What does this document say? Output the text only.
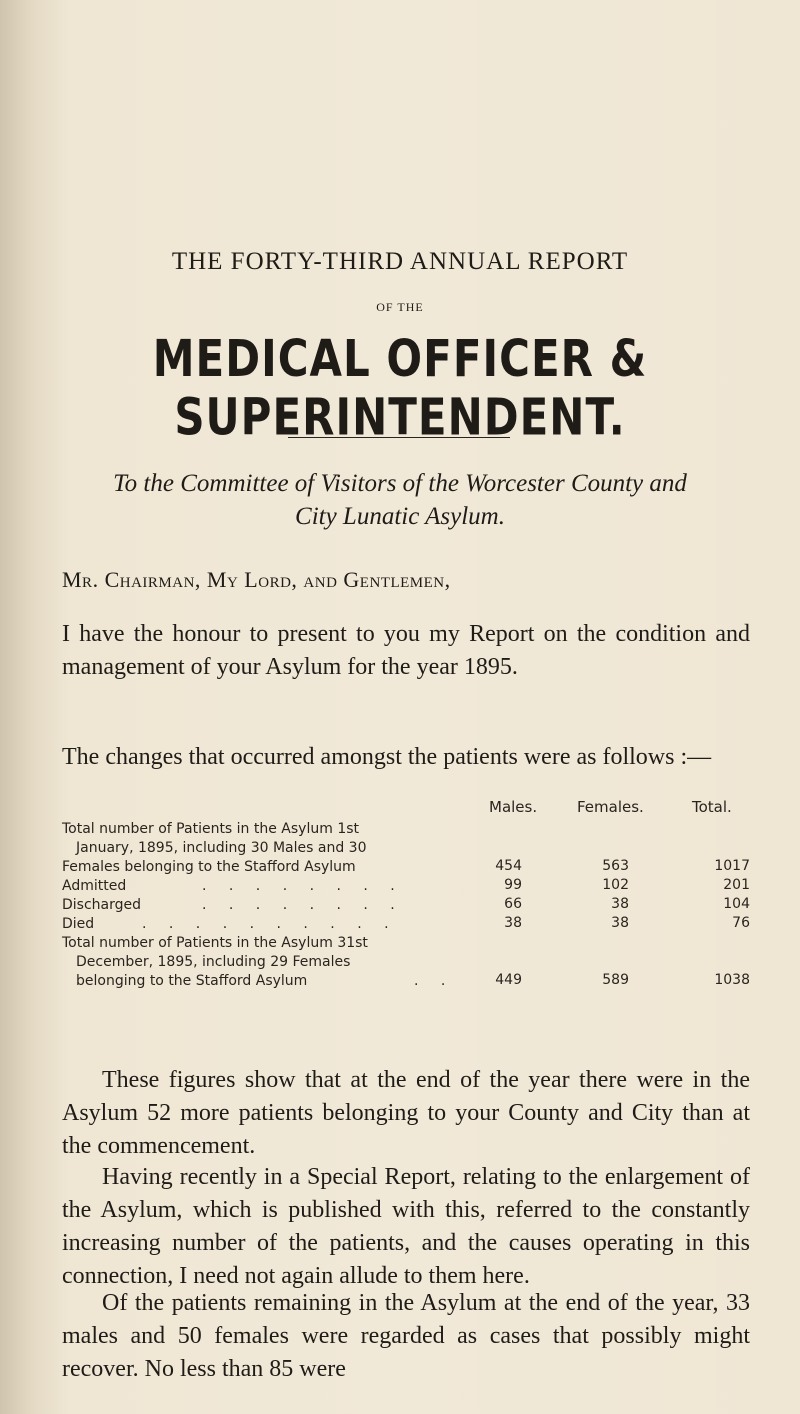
THE FORTY-THIRD ANNUAL REPORT
OF THE
MEDICAL OFFICER & SUPERINTENDENT.
To the Committee of Visitors of the Worcester County and
City Lunatic Asylum.
Mr. Chairman, My Lord, and Gentlemen,

I have the honour to present to you my Report on the condition and management of your Asylum for the year 1895.

The changes that occurred amongst the patients were as follows :—

Males.	Females.	Total.
Total number of Patients in the Asylum 1st

January, 1895, including 30 Males and 30
Females belonging to the Stafford Asylum	454	563	1017
Admitted	. . . . . . . .	99	102	201
Discharged	. . . . . . . .	66	38	104
Died	. . . . . . . . . .	38	38	76
Total number of Patients in the Asylum 31st

December, 1895, including 29 Females
belonging to the Stafford Asylum	. .	449	589	1038

These figures show that at the end of the year there were in the Asylum 52 more patients belonging to your County and City than at the commencement.

Having recently in a Special Report, relating to the enlargement of the Asylum, which is published with this, referred to the constantly increasing number of the patients, and the causes operating in this connection, I need not again allude to them here.

Of the patients remaining in the Asylum at the end of the year, 33 males and 50 females were regarded as cases that possibly might recover. No less than 85 were
